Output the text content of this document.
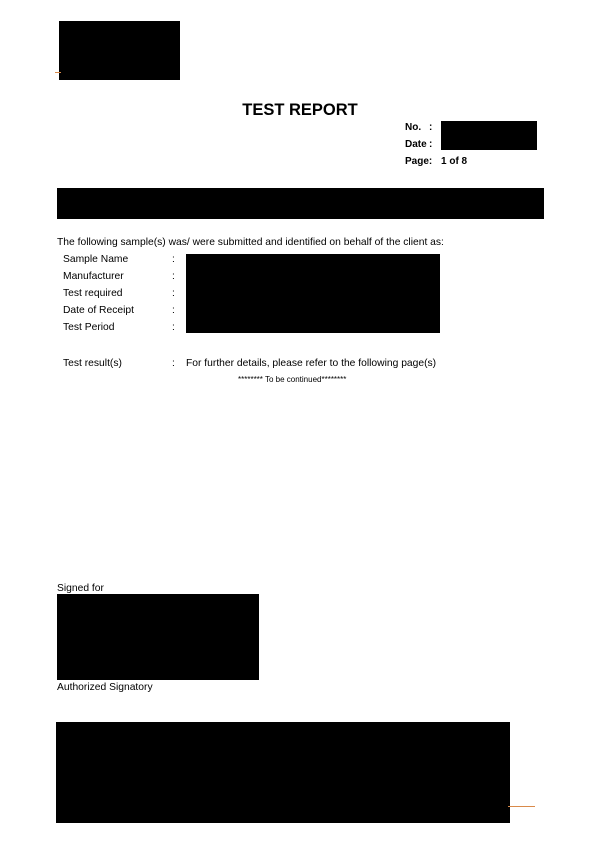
TEST REPORT
No. :
Date :
Page: 1 of 8
The following sample(s) was/ were submitted and identified on behalf of the client as:
Sample Name	:
Manufacturer	:
Test required	:
Date of Receipt	:
Test Period	:
Test result(s)	: For further details, please refer to the following page(s)
******** To be continued********
Signed for
Authorized Signatory
